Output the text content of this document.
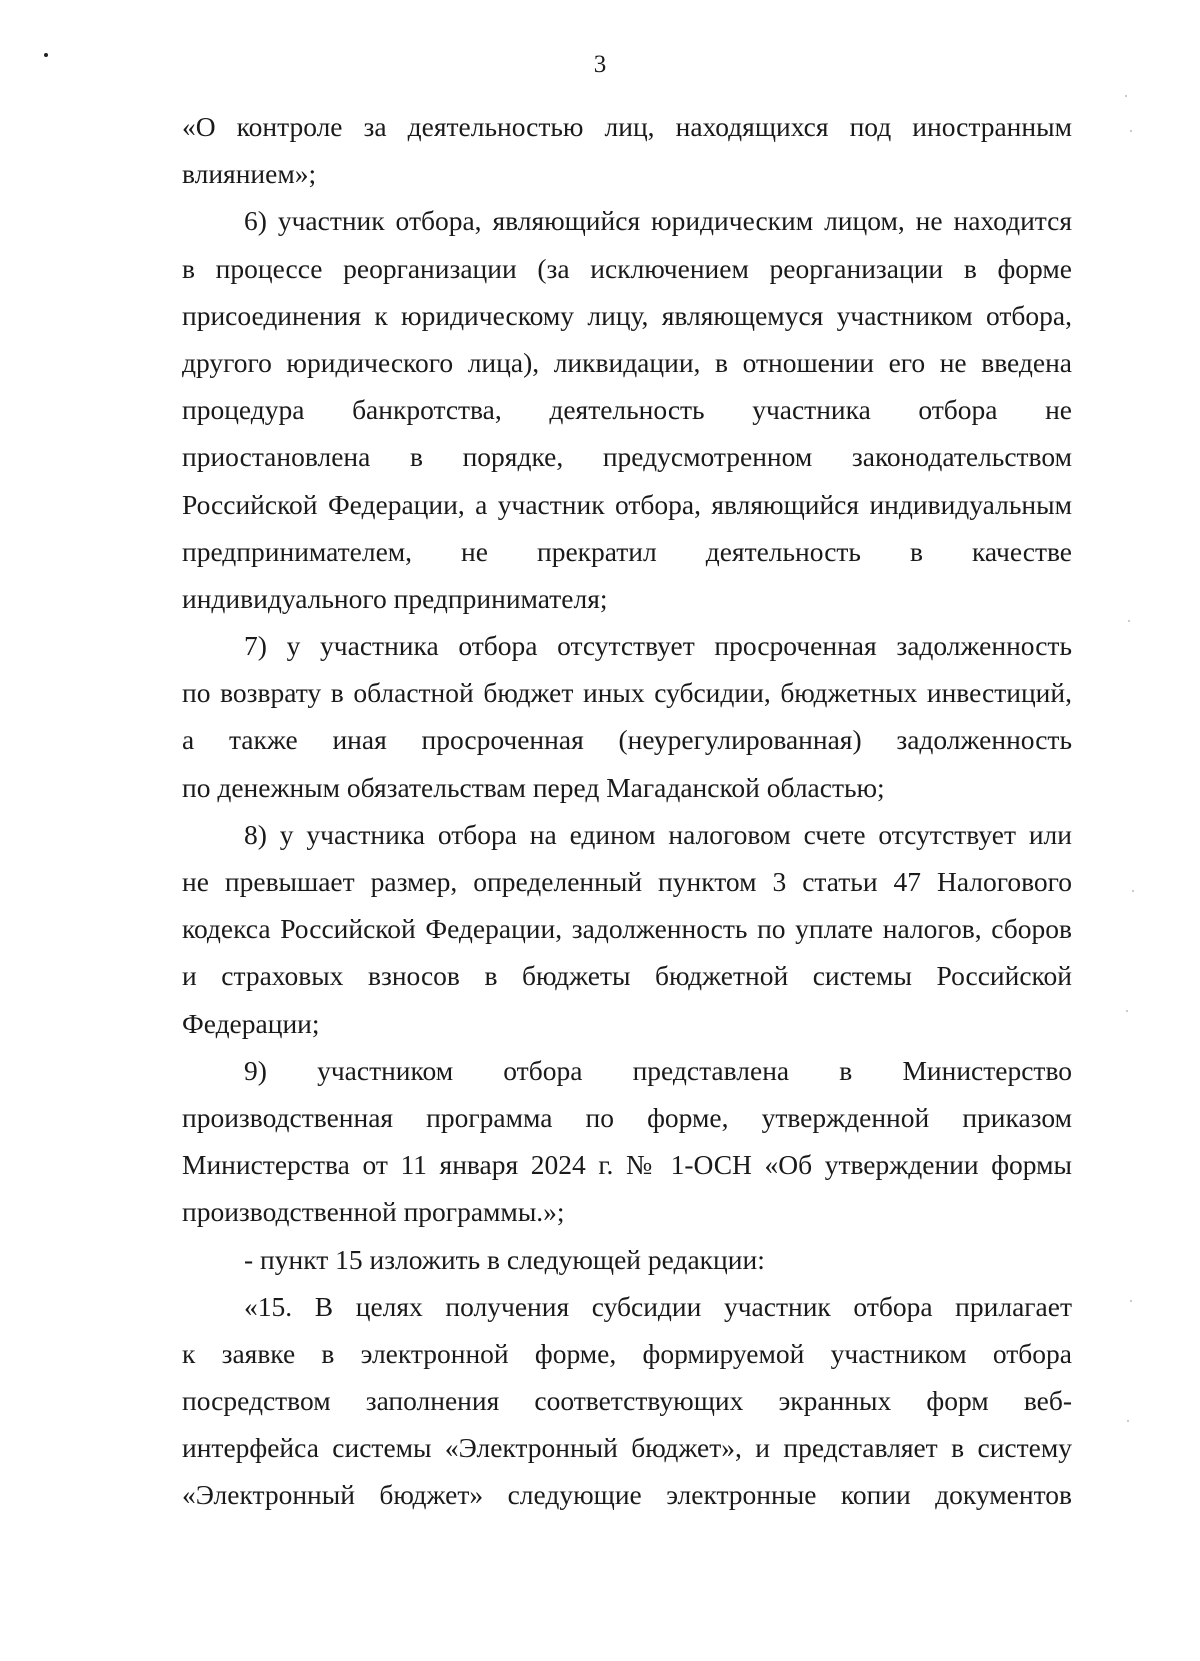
3
«О контроле за деятельностью лиц, находящихся под иностранным
влиянием»;
6) участник отбора, являющийся юридическим лицом, не находится
в процессе реорганизации (за исключением реорганизации в форме
присоединения к юридическому лицу, являющемуся участником отбора,
другого юридического лица), ликвидации, в отношении его не введена
процедура банкротства, деятельность участника отбора не
приостановлена в порядке, предусмотренном законодательством
Российской Федерации, а участник отбора, являющийся индивидуальным
предпринимателем, не прекратил деятельность в качестве
индивидуального предпринимателя;
7) у участника отбора отсутствует просроченная задолженность
по возврату в областной бюджет иных субсидии, бюджетных инвестиций,
а также иная просроченная (неурегулированная) задолженность
по денежным обязательствам перед Магаданской областью;
8) у участника отбора на едином налоговом счете отсутствует или
не превышает размер, определенный пунктом 3 статьи 47 Налогового
кодекса Российской Федерации, задолженность по уплате налогов, сборов
и страховых взносов в бюджеты бюджетной системы Российской
Федерации;
9) участником отбора представлена в Министерство
производственная программа по форме, утвержденной приказом
Министерства от 11 января 2024 г. № 1-ОСН «Об утверждении формы
производственной программы.»;
- пункт 15 изложить в следующей редакции:
«15. В целях получения субсидии участник отбора прилагает
к заявке в электронной форме, формируемой участником отбора
посредством заполнения соответствующих экранных форм веб-
интерфейса системы «Электронный бюджет», и представляет в систему
«Электронный бюджет» следующие электронные копии документов
